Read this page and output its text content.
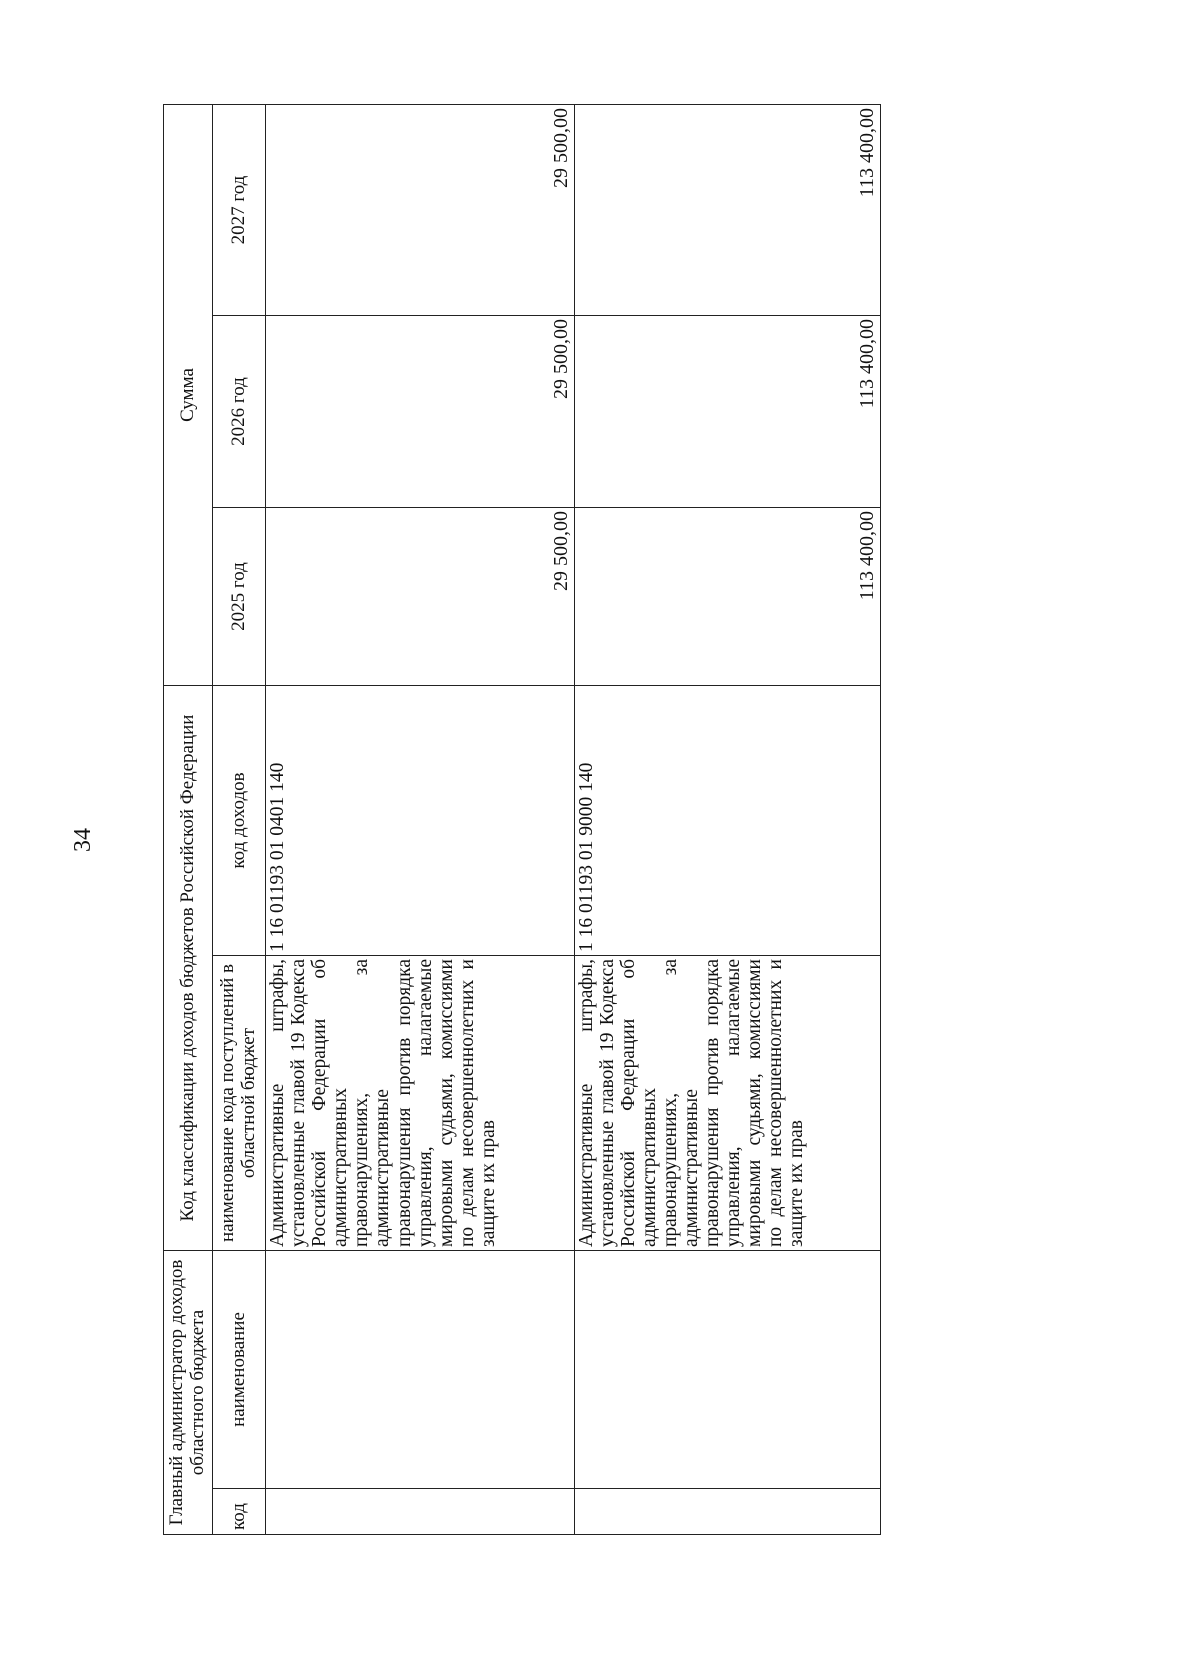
34
Главный администратор доходов областного бюджета		Код классификации доходов бюджетов Российской Федерации		Сумма		
код	наименование	наименование кода поступлений в областной бюджет	код доходов	2025 год	2026 год	2027 год
		Административные штрафы, установленные главой 19 Кодекса Российской Федерации об административных правонарушениях, за административные правонарушения против порядка управления, налагаемые мировыми судьями, комиссиями по делам несовершеннолетних и защите их прав	1 16 01193 01 0401 140	29 500,00	29 500,00	29 500,00
		Административные штрафы, установленные главой 19 Кодекса Российской Федерации об административных правонарушениях, за административные правонарушения против порядка управления, налагаемые мировыми судьями, комиссиями по делам несовершеннолетних и защите их прав	1 16 01193 01 9000 140	113 400,00	113 400,00	113 400,00
